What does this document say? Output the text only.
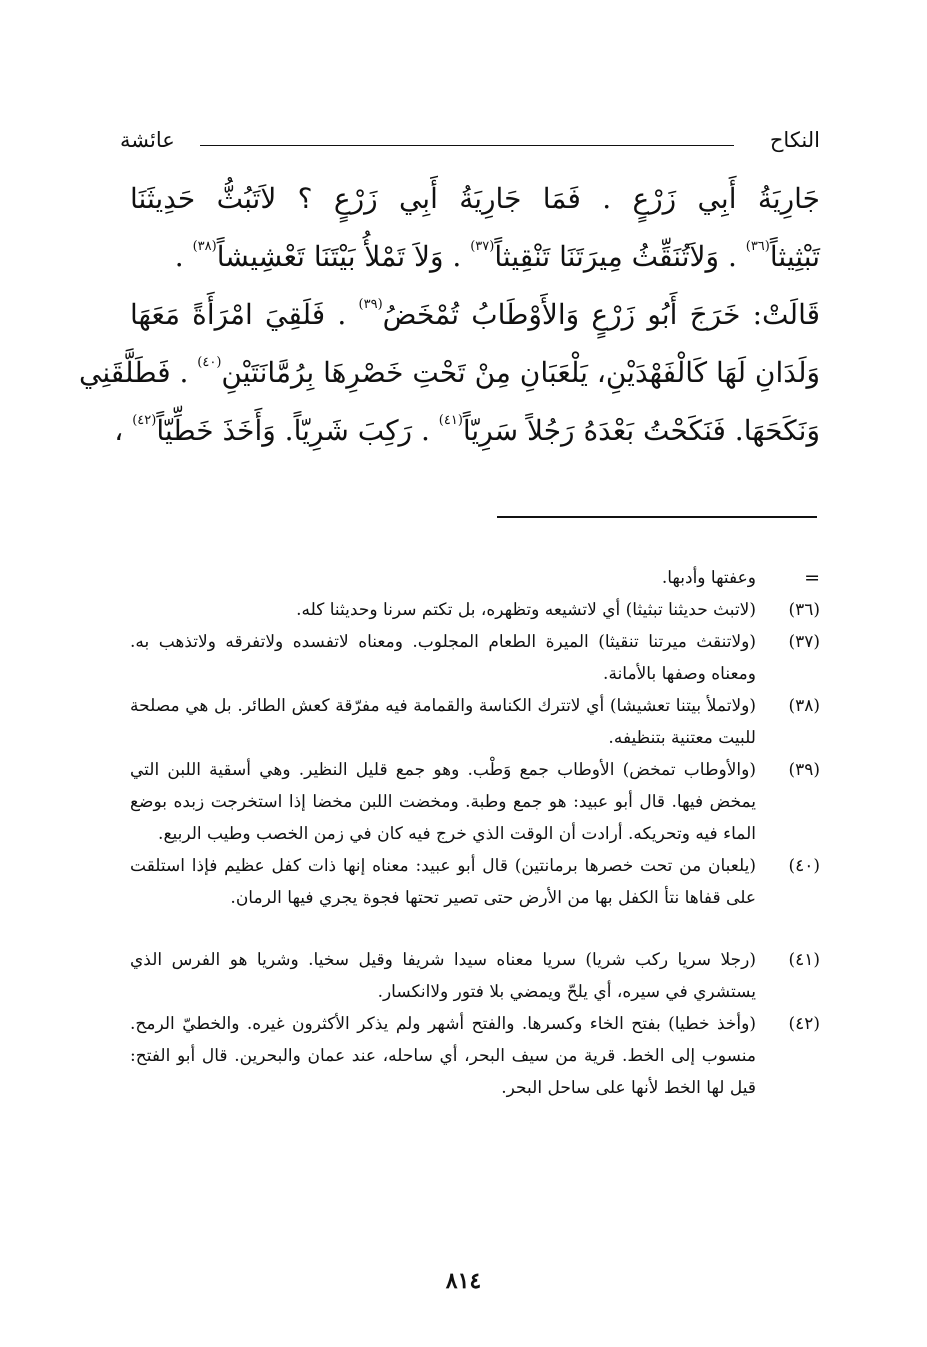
النكاح
عائشة
جَارِيَةُ أَبِي زَرْعٍ . فَمَا جَارِيَةُ أَبِي زَرْعٍ ؟ لاَتَبُثُّ حَدِيثَنَا
تَبْثِيثاً$^{(٣٦)}$ . وَلاَتُنَقِّثُ مِيرَتَنَا تَنْقِيثاً$^{(٣٧)}$ . وَلاَ تَمْلأُ بَيْتَنَا تَعْشِيشاً$^{(٣٨)}$ .
قَالَتْ: خَرَجَ أَبُو زَرْعٍ وَالأَوْطَابُ تُمْخَضُ$^{(٣٩)}$ . فَلَقِيَ امْرَأَةً مَعَهَا
وَلَدَانِ لَهَا كَالْفَهْدَيْنِ، يَلْعَبَانِ مِنْ تَحْتِ خَصْرِهَا بِرُمَّانَتَيْنِ$^{(٤٠)}$ . فَطَلَّقَنِي
وَنَكَحَهَا. فَنَكَحْتُ بَعْدَهُ رَجُلاً سَرِيّاً$^{(٤١)}$ . رَكِبَ شَرِيّاً. وَأَخَذَ خَطِّيّاً$^{(٤٢)}$ ،
=
وعفتها وأدبها.
(٣٦)
(لاتبث حديثنا تبثيثا) أي لاتشيعه وتظهره، بل تكتم سرنا وحديثنا كله.
(٣٧)
(ولاتنقث ميرتنا تنقيثا) الميرة الطعام المجلوب. ومعناه لاتفسده ولاتفرقه ولاتذهب به. ومعناه وصفها بالأمانة.
(٣٨)
(ولاتملأ بيتنا تعشيشا) أي لاتترك الكناسة والقمامة فيه مفرّقة كعش الطائر. بل هي مصلحة للبيت معتنية بتنظيفه.
(٣٩)
(والأوطاب تمخض) الأوطاب جمع وَطْب. وهو جمع قليل النظير. وهي أسقية اللبن التي يمخض فيها. قال أبو عبيد: هو جمع وطبة. ومخضت اللبن مخضا إذا استخرجت زبده بوضع الماء فيه وتحريكه. أرادت أن الوقت الذي خرج فيه كان في زمن الخصب وطيب الربيع.
(٤٠)
(يلعبان من تحت خصرها برمانتين) قال أبو عبيد: معناه إنها ذات كفل عظيم فإذا استلقت على قفاها نتأ الكفل بها من الأرض حتى تصير تحتها فجوة يجري فيها الرمان.
(٤١)
(رجلا سريا ركب شريا) سريا معناه سيدا شريفا وقيل سخيا. وشريا هو الفرس الذي يستشري في سيره، أي يلحّ ويمضي بلا فتور ولاانكسار.
(٤٢)
(وأخذ خطيا) بفتح الخاء وكسرها. والفتح أشهر ولم يذكر الأكثرون غيره. والخطيّ الرمح. منسوب إلى الخط. قرية من سيف البحر، أي ساحله، عند عمان والبحرين. قال أبو الفتح: قيل لها الخط لأنها على ساحل البحر.
٨١٤
